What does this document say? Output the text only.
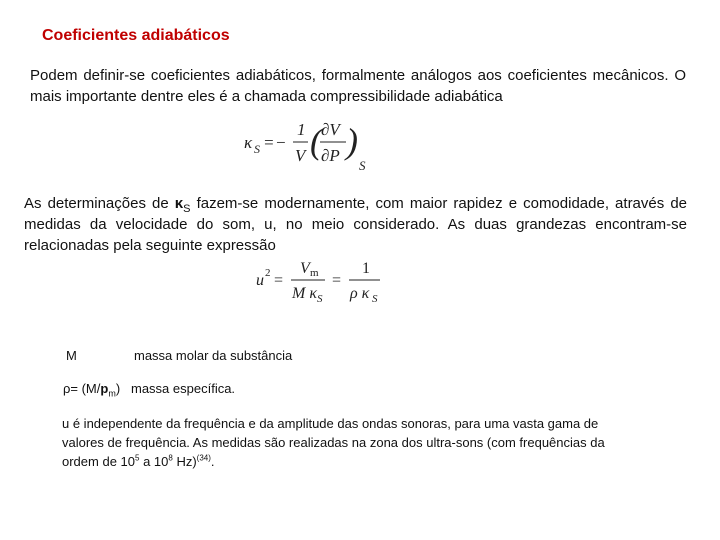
Coeficientes adiabáticos
Podem definir-se coeficientes adiabáticos, formalmente análogos aos coeficientes mecânicos. O mais importante dentre eles é a chamada compressibilidade adiabática
κ S = −
1
V ( ∂V
∂P )
S
As determinações de $\kappa_S$ fazem-se modernamente, com maior rapidez e comodidade, através de medidas da velocidade do som, u, no meio considerado. As duas grandezas encontram-se relacionadas pela seguinte expressão
u 2 =
V m
M κ S
=
1
ρ κ S
M	massa molar da substância
$\rho= (M/p_m)$ massa específica.
u é independente da frequência e da amplitude das ondas sonoras, para uma vasta gama de valores de frequência. As medidas são realizadas na zona dos ultra-sons (com frequências da ordem de $10^5$ a $10^8$ Hz)$^{(34)}$.
